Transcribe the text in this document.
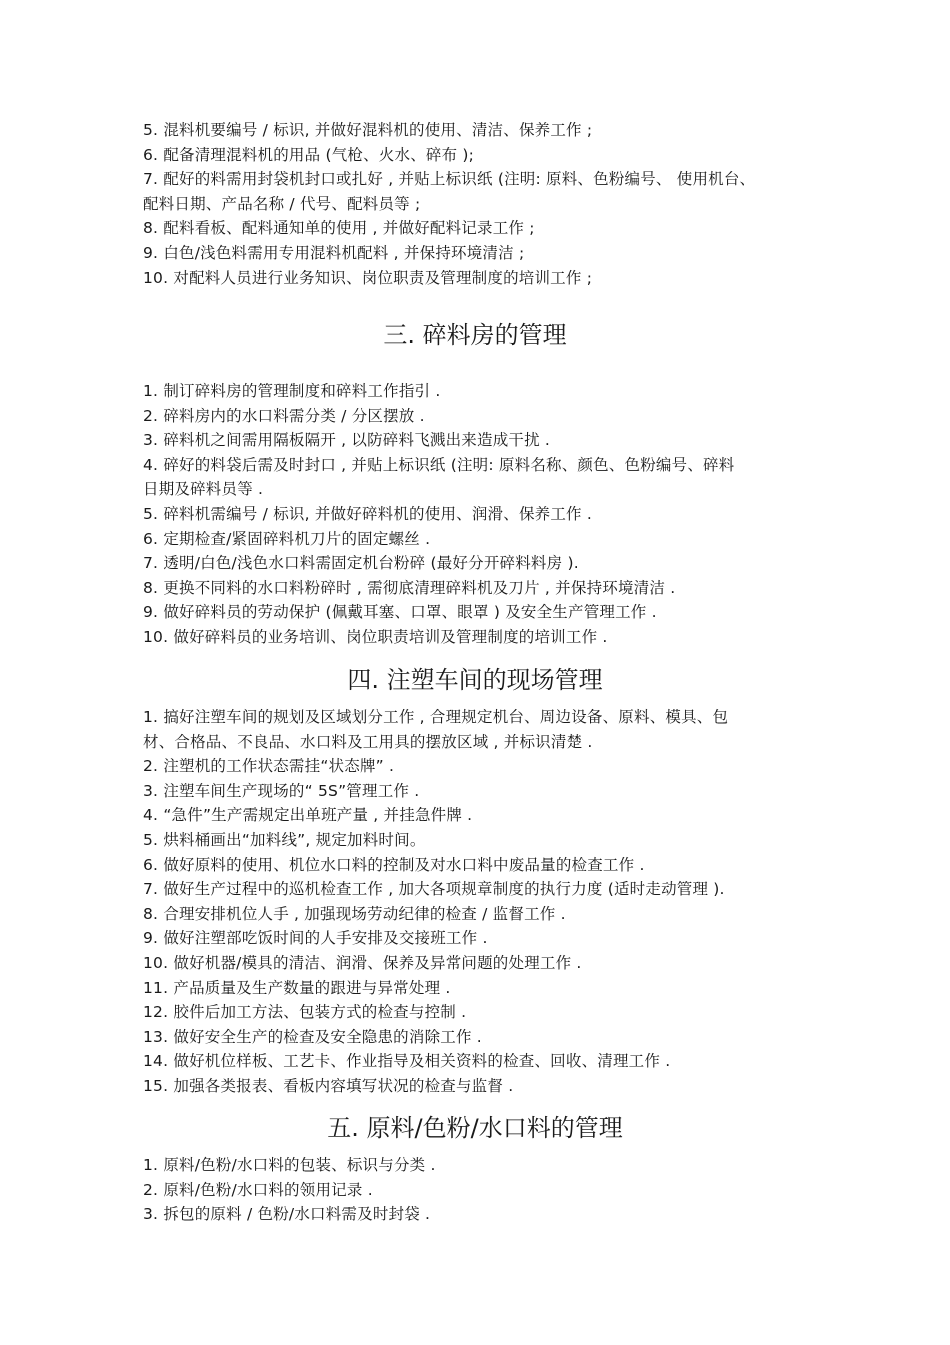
5. 混料机要编号 / 标识, 并做好混料机的使用、清洁、保养工作 ;
6. 配备清理混料机的用品 (气枪、火水、碎布 );
7. 配好的料需用封袋机封口或扎好 , 并贴上标识纸 (注明: 原料、色粉编号、 使用机台、
配料日期、产品名称 / 代号、配料员等 ;
8. 配料看板、配料通知单的使用 , 并做好配料记录工作 ;
9. 白色/浅色料需用专用混料机配料 , 并保持环境清洁 ;
10. 对配料人员进行业务知识、岗位职责及管理制度的培训工作 ;
三. 碎料房的管理
1. 制订碎料房的管理制度和碎料工作指引 .
2. 碎料房内的水口料需分类 / 分区摆放 .
3. 碎料机之间需用隔板隔开 , 以防碎料飞溅出来造成干扰 .
4. 碎好的料袋后需及时封口 , 并贴上标识纸 (注明: 原料名称、颜色、色粉编号、碎料
日期及碎料员等 .
5. 碎料机需编号 / 标识, 并做好碎料机的使用、润滑、保养工作 .
6. 定期检查/紧固碎料机刀片的固定螺丝 .
7. 透明/白色/浅色水口料需固定机台粉碎 (最好分开碎料料房 ).
8. 更换不同料的水口料粉碎时 , 需彻底清理碎料机及刀片 , 并保持环境清洁 .
9. 做好碎料员的劳动保护 (佩戴耳塞、口罩、眼罩 ) 及安全生产管理工作 .
10. 做好碎料员的业务培训、岗位职责培训及管理制度的培训工作 .
四. 注塑车间的现场管理
1. 搞好注塑车间的规划及区域划分工作 , 合理规定机台、周边设备、原料、模具、包
材、合格品、不良品、水口料及工用具的摆放区域 , 并标识清楚 .
2. 注塑机的工作状态需挂“状态牌” .
3. 注塑车间生产现场的“ 5S”管理工作 .
4. “急件”生产需规定出单班产量 , 并挂急件牌 .
5. 烘料桶画出“加料线”, 规定加料时间。
6. 做好原料的使用、机位水口料的控制及对水口料中废品量的检查工作 .
7. 做好生产过程中的巡机检查工作 , 加大各项规章制度的执行力度 (适时走动管理 ).
8. 合理安排机位人手 , 加强现场劳动纪律的检查 / 监督工作 .
9. 做好注塑部吃饭时间的人手安排及交接班工作 .
10. 做好机器/模具的清洁、润滑、保养及异常问题的处理工作 .
11. 产品质量及生产数量的跟进与异常处理 .
12. 胶件后加工方法、包装方式的检查与控制 .
13. 做好安全生产的检查及安全隐患的消除工作 .
14. 做好机位样板、工艺卡、作业指导及相关资料的检查、回收、清理工作 .
15. 加强各类报表、看板内容填写状况的检查与监督 .
五. 原料/色粉/水口料的管理
1. 原料/色粉/水口料的包装、标识与分类 .
2. 原料/色粉/水口料的领用记录 .
3. 拆包的原料 / 色粉/水口料需及时封袋 .
